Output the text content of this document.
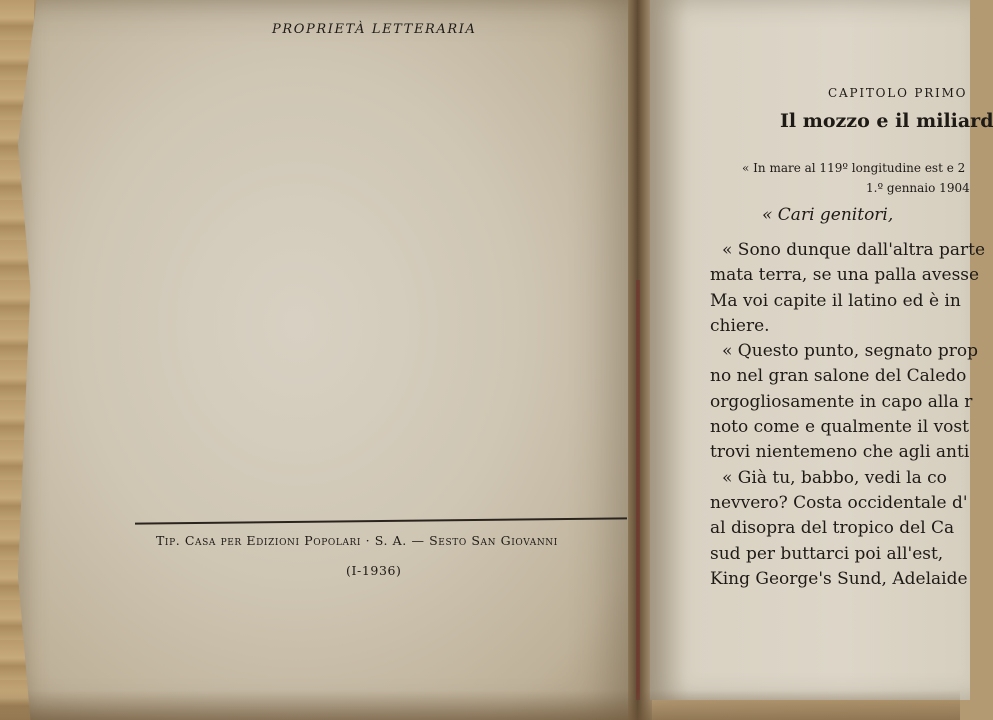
PROPRIETÀ LETTERARIA
Tip. Casa per Edizioni Popolari · S. A. — Sesto San Giovanni
(I-1936)
CAPITOLO PRIMO
Il mozzo e il miliard
« In mare al 119º longitudine est e 2
1.º gennaio 1904
« Cari genitori,
« Sono dunque dall'altra parte
mata terra, se una palla avesse
Ma voi capite il latino ed è in
chiere.
« Questo punto, segnato prop
no nel gran salone del Caledo
orgogliosamente in capo alla r
noto come e qualmente il vost
trovi nientemeno che agli anti
« Già tu, babbo, vedi la co
nevvero? Costa occidentale d'
al disopra del tropico del Ca
sud per buttarci poi all'est,
King George's Sund, Adelaide
